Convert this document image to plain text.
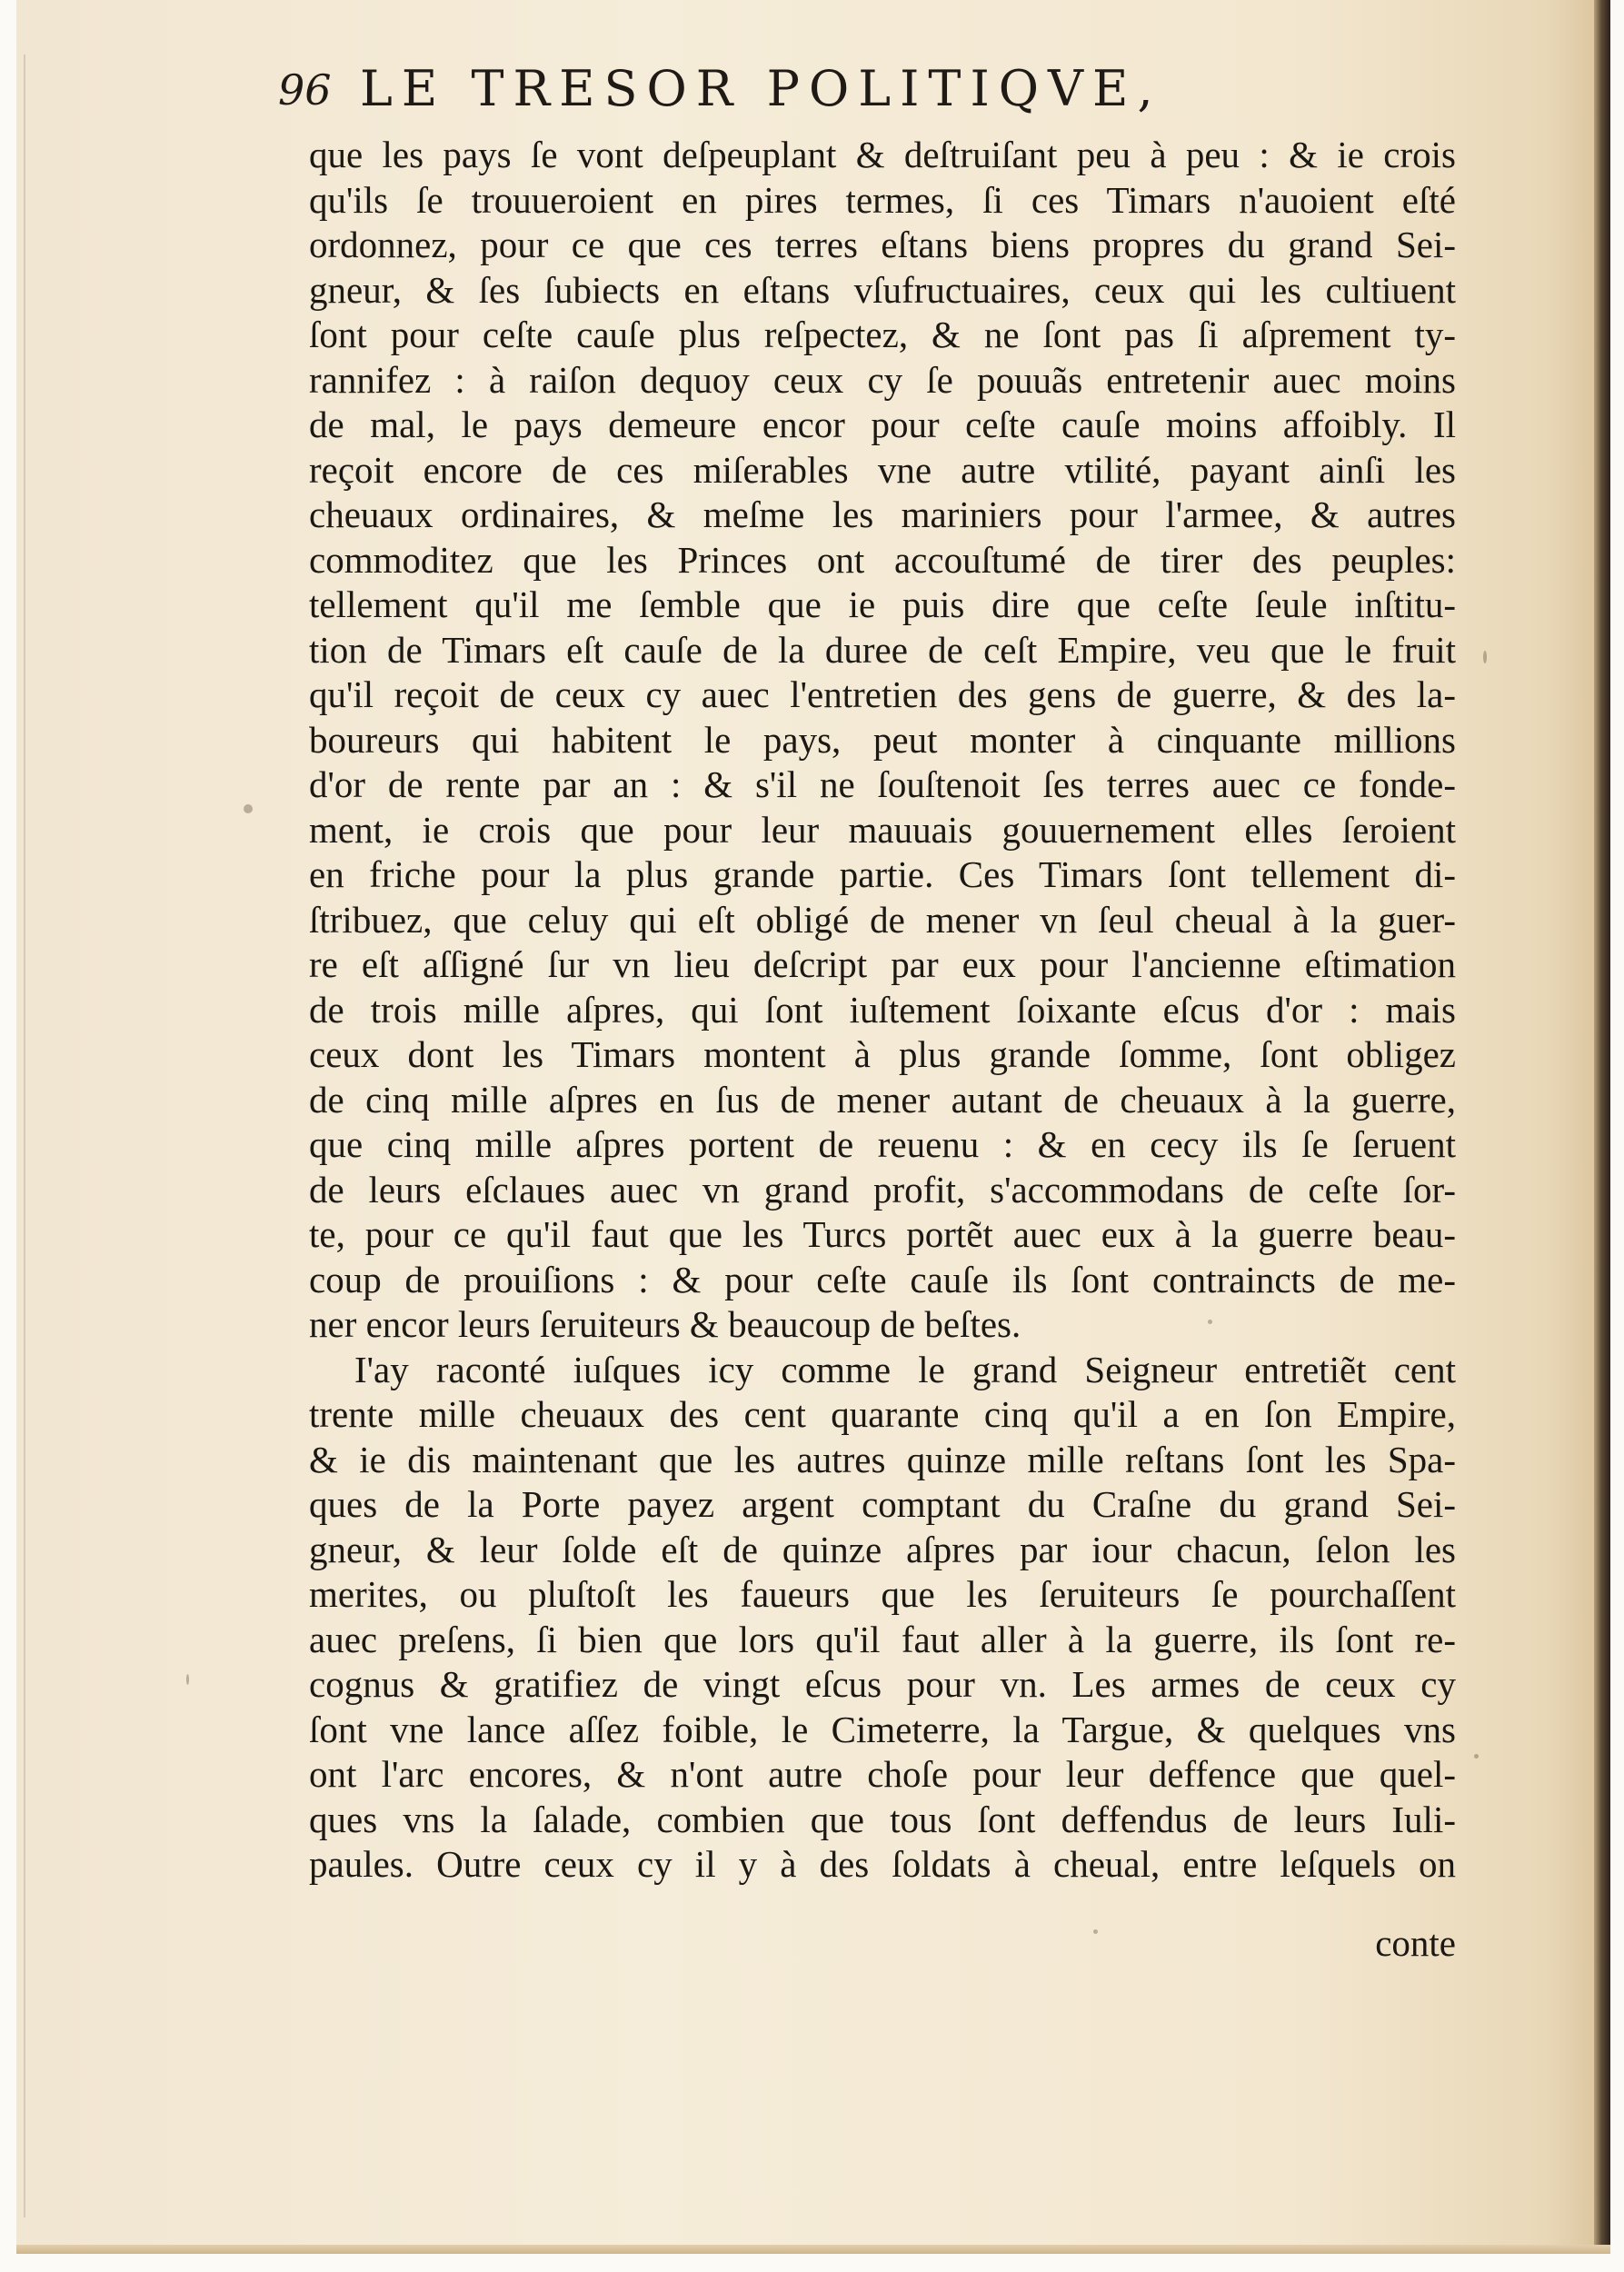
96 LE TRESOR POLITIQVE,
que les pays ſe vont deſpeuplant & deſtruiſant peu à peu : & ie crois
qu'ils ſe trouueroient en pires termes, ſi ces Timars n'auoient eſté
ordonnez, pour ce que ces terres eſtans biens propres du grand Sei-
gneur, & ſes ſubiects en eſtans vſufructuaires, ceux qui les cultiuent
ſont pour ceſte cauſe plus reſpectez, & ne ſont pas ſi aſprement ty-
rannifez : à raiſon dequoy ceux cy ſe pouuãs entretenir auec moins
de mal, le pays demeure encor pour ceſte cauſe moins affoibly. Il
reçoit encore de ces miſerables vne autre vtilité, payant ainſi les
cheuaux ordinaires, & meſme les mariniers pour l'armee, & autres
commoditez que les Princes ont accouſtumé de tirer des peuples:
tellement qu'il me ſemble que ie puis dire que ceſte ſeule inſtitu-
tion de Timars eſt cauſe de la duree de ceſt Empire, veu que le fruit
qu'il reçoit de ceux cy auec l'entretien des gens de guerre, & des la-
boureurs qui habitent le pays, peut monter à cinquante millions
d'or de rente par an : & s'il ne ſouſtenoit ſes terres auec ce fonde-
ment, ie crois que pour leur mauuais gouuernement elles ſeroient
en friche pour la plus grande partie. Ces Timars ſont tellement di-
ſtribuez, que celuy qui eſt obligé de mener vn ſeul cheual à la guer-
re eſt aſſigné ſur vn lieu deſcript par eux pour l'ancienne eſtimation
de trois mille aſpres, qui ſont iuſtement ſoixante eſcus d'or : mais
ceux dont les Timars montent à plus grande ſomme, ſont obligez
de cinq mille aſpres en ſus de mener autant de cheuaux à la guerre,
que cinq mille aſpres portent de reuenu : & en cecy ils ſe ſeruent
de leurs eſclaues auec vn grand profit, s'accommodans de ceſte ſor-
te, pour ce qu'il faut que les Turcs portẽt auec eux à la guerre beau-
coup de prouiſions : & pour ceſte cauſe ils ſont contraincts de me-
ner encor leurs ſeruiteurs & beaucoup de beſtes.
I'ay raconté iuſques icy comme le grand Seigneur entretiẽt cent
trente mille cheuaux des cent quarante cinq qu'il a en ſon Empire,
& ie dis maintenant que les autres quinze mille reſtans ſont les Spa-
ques de la Porte payez argent comptant du Craſne du grand Sei-
gneur, & leur ſolde eſt de quinze aſpres par iour chacun, ſelon les
merites, ou pluſtoſt les faueurs que les ſeruiteurs ſe pourchaſſent
auec preſens, ſi bien que lors qu'il faut aller à la guerre, ils ſont re-
cognus & gratifiez de vingt eſcus pour vn. Les armes de ceux cy
ſont vne lance aſſez foible, le Cimeterre, la Targue, & quelques vns
ont l'arc encores, & n'ont autre choſe pour leur deffence que quel-
ques vns la ſalade, combien que tous ſont deffendus de leurs Iuli-
paules. Outre ceux cy il y à des ſoldats à cheual, entre leſquels on
conte
